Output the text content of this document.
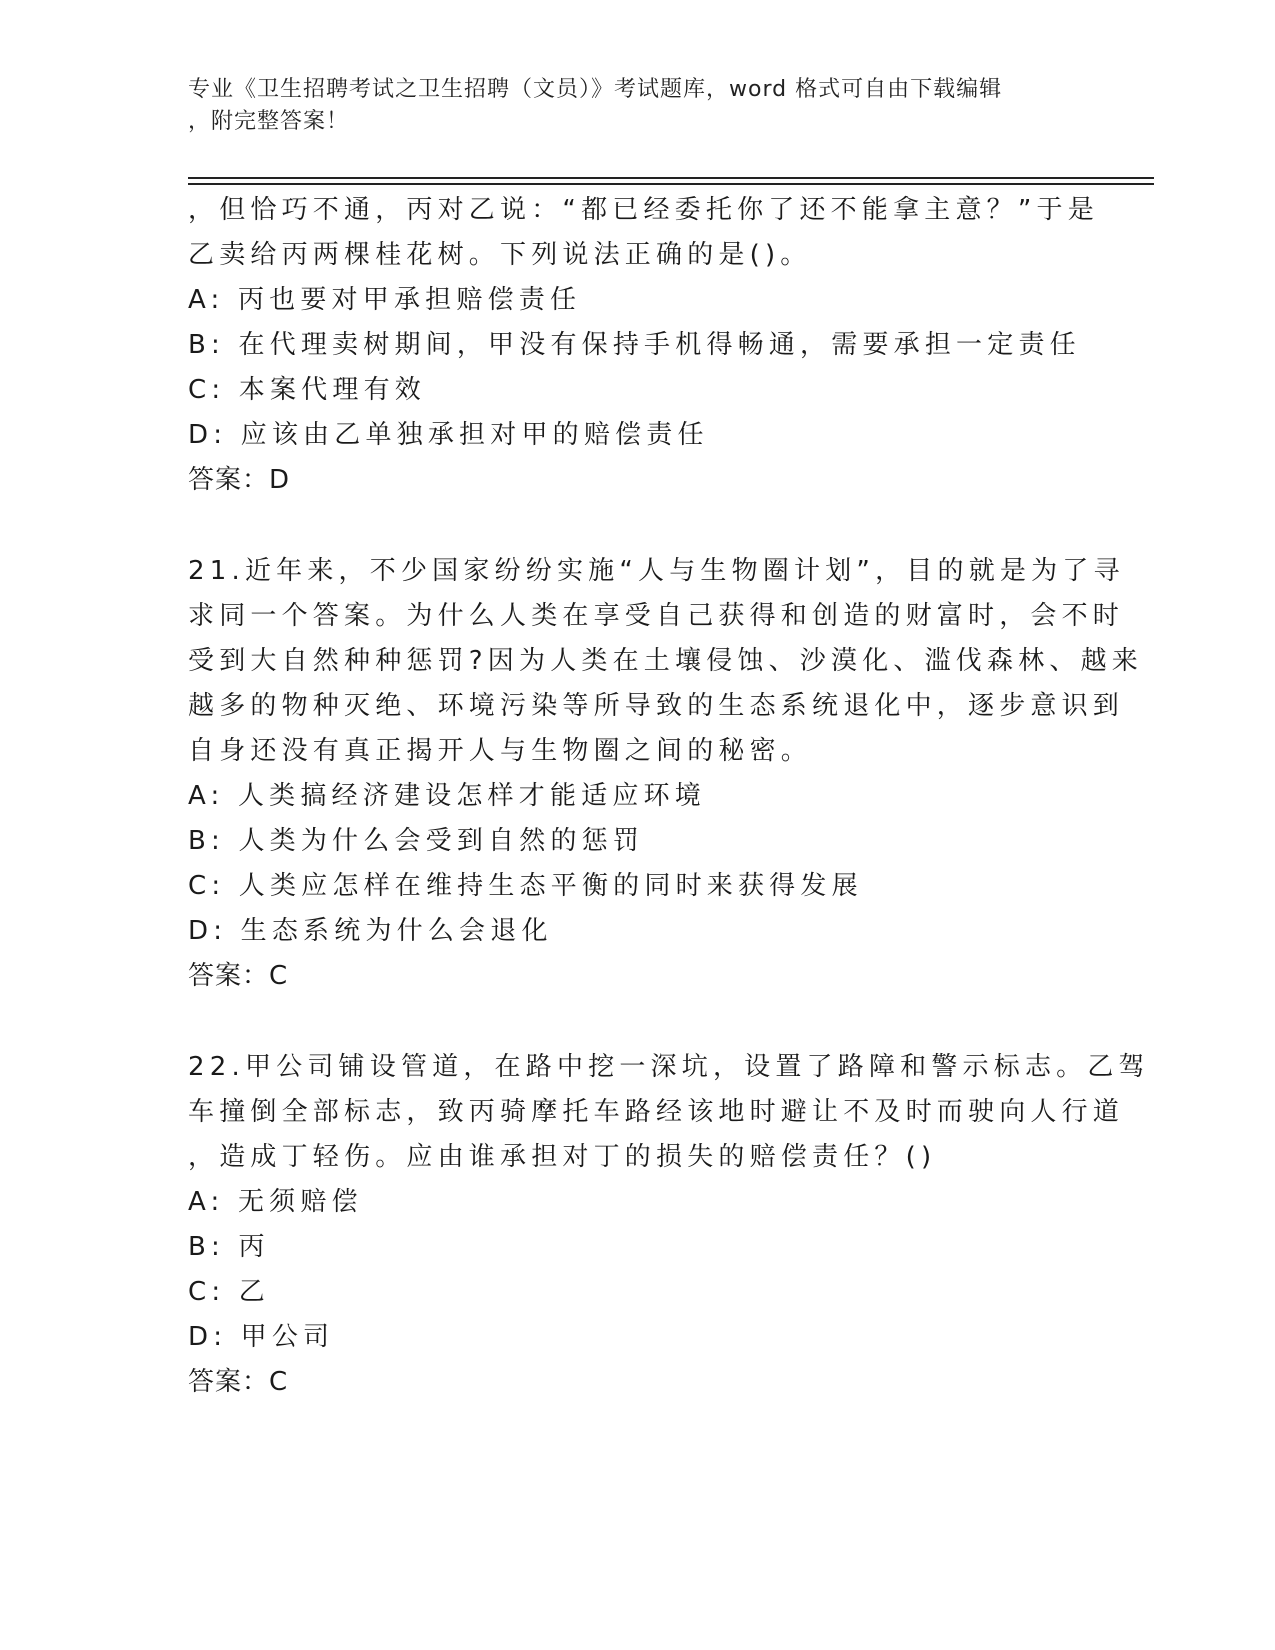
专业《卫生招聘考试之卫生招聘（文员）》考试题库，word 格式可自由下载编辑
，附完整答案！
，但恰巧不通，丙对乙说：“都已经委托你了还不能拿主意？”于是
乙卖给丙两棵桂花树。下列说法正确的是()。
A: 丙也要对甲承担赔偿责任
B: 在代理卖树期间，甲没有保持手机得畅通，需要承担一定责任
C: 本案代理有效
D: 应该由乙单独承担对甲的赔偿责任
答案：D
21.近年来，不少国家纷纷实施“人与生物圈计划”，目的就是为了寻
求同一个答案。为什么人类在享受自己获得和创造的财富时，会不时
受到大自然种种惩罚?因为人类在土壤侵蚀、沙漠化、滥伐森林、越来
越多的物种灭绝、环境污染等所导致的生态系统退化中，逐步意识到
自身还没有真正揭开人与生物圈之间的秘密。
A: 人类搞经济建设怎样才能适应环境
B: 人类为什么会受到自然的惩罚
C: 人类应怎样在维持生态平衡的同时来获得发展
D: 生态系统为什么会退化
答案：C
22.甲公司铺设管道，在路中挖一深坑，设置了路障和警示标志。乙驾
车撞倒全部标志，致丙骑摩托车路经该地时避让不及时而驶向人行道
，造成丁轻伤。应由谁承担对丁的损失的赔偿责任？()
A: 无须赔偿
B: 丙
C: 乙
D: 甲公司
答案：C
